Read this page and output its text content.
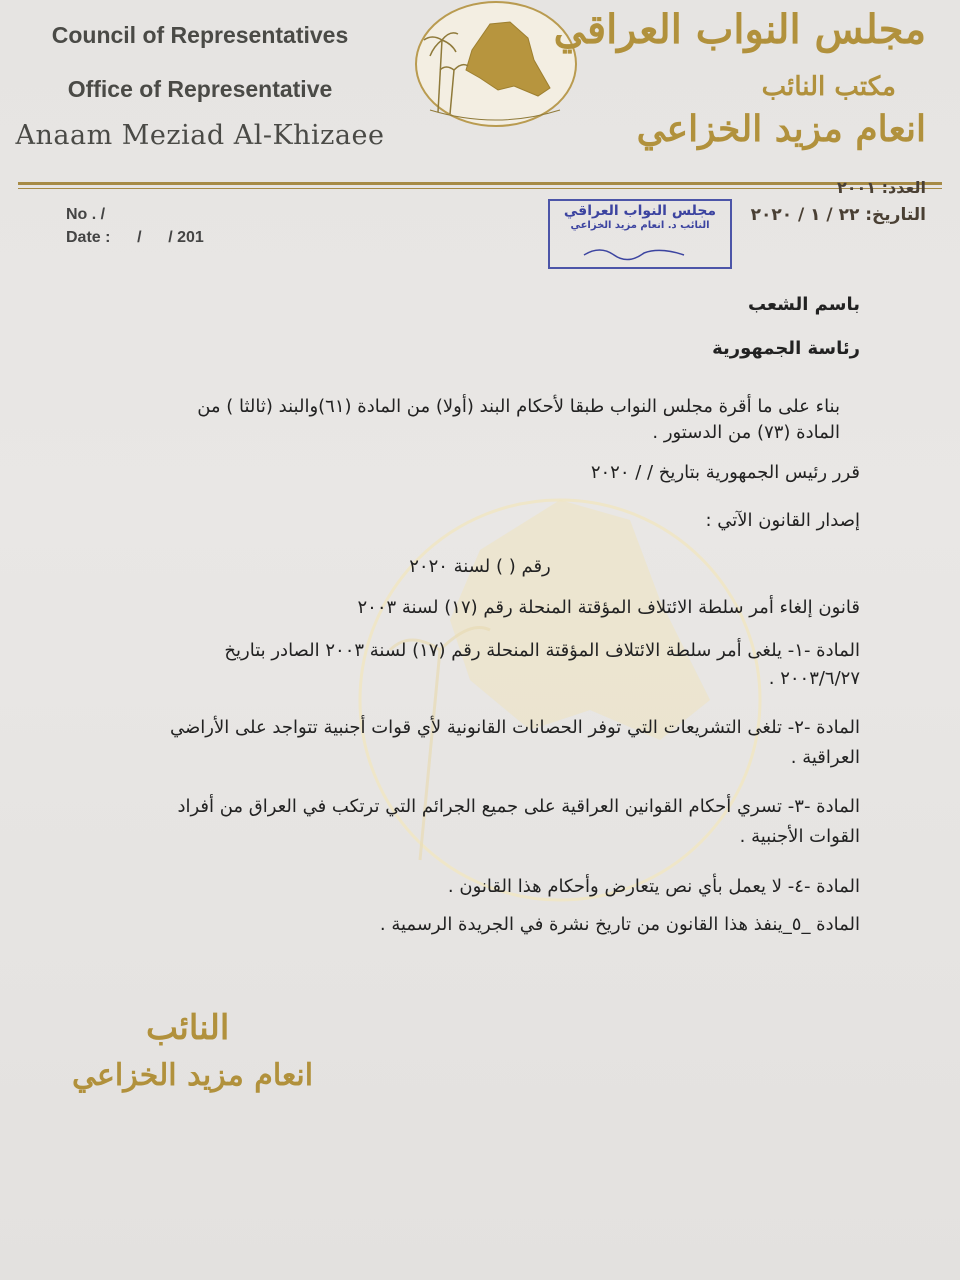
Council of Representatives
Office of Representative
Anaam Meziad Al-Khizaee
مجلس النواب العراقي
مكتب النائب
انعام مزيد الخزاعي
No . /
Date :      /      / 201
العدد: ٢٠٠١
التاريخ: ٢٢ / ١ / ٢٠٢٠
مجلس النواب العراقي
النائب د. انعام مزيد الخزاعي
باسم الشعب
رئاسة الجمهورية
بناء على ما أقرة مجلس النواب طبقا لأحكام البند (أولا) من المادة (٦١)والبند (ثالثا ) من المادة (٧٣) من الدستور .
قرر رئيس الجمهورية بتاريخ / / ٢٠٢٠
إصدار القانون الآتي :
رقم ( ) لسنة ٢٠٢٠
قانون إلغاء أمر سلطة الائتلاف المؤقتة المنحلة رقم (١٧) لسنة ٢٠٠٣
المادة -١- يلغى أمر سلطة الائتلاف المؤقتة المنحلة رقم (١٧) لسنة ٢٠٠٣ الصادر بتاريخ ٢٠٠٣/٦/٢٧ .
المادة -٢- تلغى التشريعات التي توفر الحصانات القانونية لأي قوات أجنبية تتواجد على الأراضي العراقية .
المادة -٣- تسري أحكام القوانين العراقية على جميع الجرائم التي ترتكب في العراق من أفراد القوات الأجنبية .
المادة -٤- لا يعمل بأي نص يتعارض وأحكام هذا القانون .
المادة _٥_ينفذ هذا القانون من تاريخ نشرة في الجريدة الرسمية .
النائب
انعام مزيد الخزاعي
